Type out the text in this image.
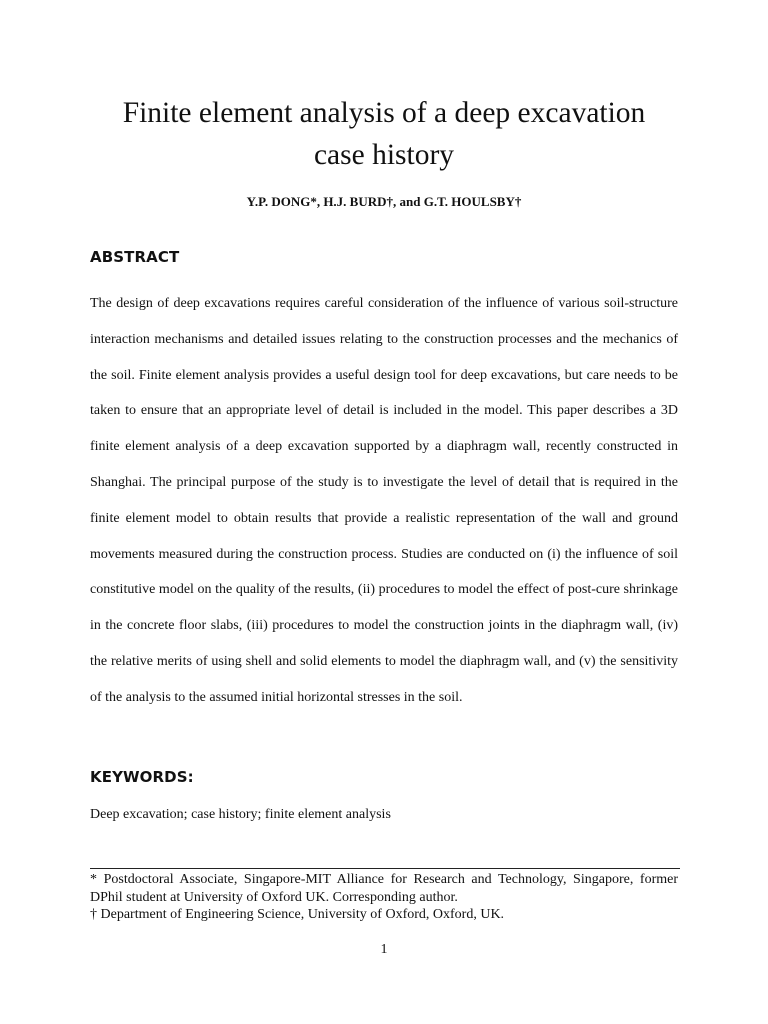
Finite element analysis of a deep excavation
case history
Y.P. DONG*, H.J. BURD†, and G.T. HOULSBY†
ABSTRACT

The design of deep excavations requires careful consideration of the influence of various soil-structure interaction mechanisms and detailed issues relating to the construction processes and the mechanics of the soil. Finite element analysis provides a useful design tool for deep excavations, but care needs to be taken to ensure that an appropriate level of detail is included in the model. This paper describes a 3D finite element analysis of a deep excavation supported by a diaphragm wall, recently constructed in Shanghai. The principal purpose of the study is to investigate the level of detail that is required in the finite element model to obtain results that provide a realistic representation of the wall and ground movements measured during the construction process. Studies are conducted on (i) the influence of soil constitutive model on the quality of the results, (ii) procedures to model the effect of post-cure shrinkage in the concrete floor slabs, (iii) procedures to model the construction joints in the diaphragm wall, (iv) the relative merits of using shell and solid elements to model the diaphragm wall, and (v) the sensitivity of the analysis to the assumed initial horizontal stresses in the soil.

KEYWORDS:

Deep excavation; case history; finite element analysis

* Postdoctoral Associate, Singapore-MIT Alliance for Research and Technology, Singapore, former DPhil student at University of Oxford UK. Corresponding author.

† Department of Engineering Science, University of Oxford, Oxford, UK.

1
